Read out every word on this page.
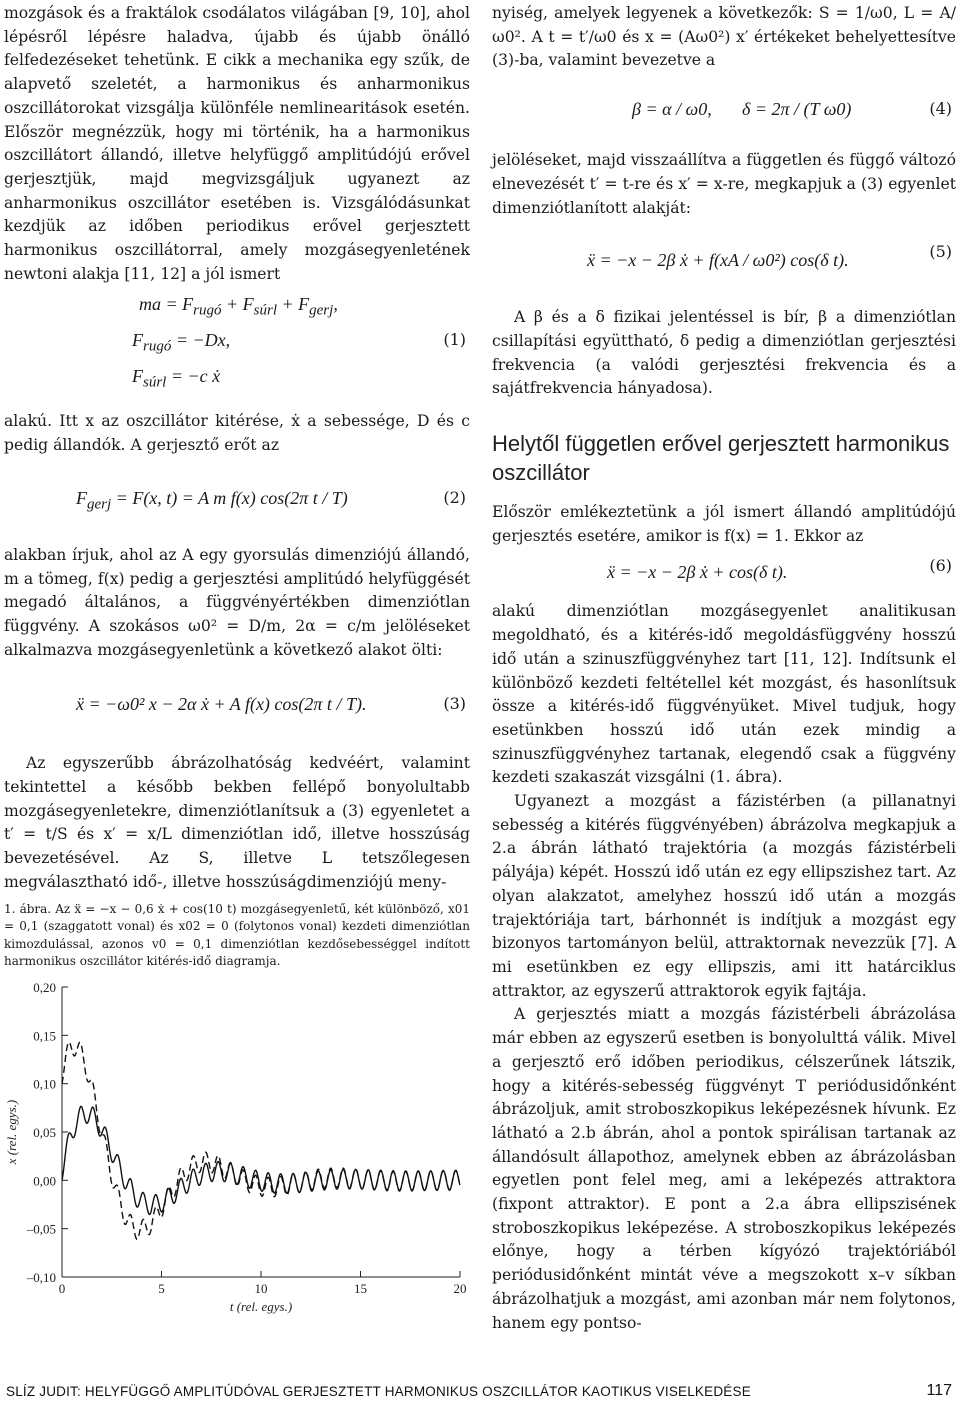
mozgások és a fraktálok csodálatos világában [9, 10], ahol lépésről lépésre haladva, újabb és újabb önálló felfedezéseket tehetünk. E cikk a mechanika egy szűk, de alapvető szeletét, a harmonikus és anharmonikus oszcillátorokat vizsgálja különféle nemlinearitások esetén. Először megnézzük, hogy mi történik, ha a harmonikus oszcillátort állandó, illetve helyfüggő amplitúdójú erővel gerjesztjük, majd megvizsgáljuk ugyanezt az anharmonikus oszcillátor esetében is. Vizsgálódásunkat kezdjük az időben periodikus erővel gerjesztett harmonikus oszcillátorral, amely mozgásegyenletének newtoni alakja [11, 12] a jól ismert

ma = $F_{rugó} + F_{súrl} + F_{gerj}$,
$F_{rugó} = -Dx$,
$F_{súrl} = -c$ ẋ
(1)

alakú. Itt x az oszcillátor kitérése, ẋ a sebessége, D és c pedig állandók. A gerjesztő erőt az

$F_{gerj} = F(x$, t) = A m f(x) cos(2π t / T)	(2)

alakban írjuk, ahol az A egy gyorsulás dimenziójú állandó, m a tömeg, f(x) pedig a gerjesztési amplitúdó helyfüggését megadó általános, a függvényértékben dimenziótlan függvény. A szokásos ω0² = D/m, 2α = c/m jelöléseket alkalmazva mozgásegyenletünk a következő alakot ölti:

ẍ = −ω0² x − 2α ẋ + A f(x) cos(2π t / T).	(3)

Az egyszerűbb ábrázolhatóság kedvéért, valamint tekintettel a később bekben fellépő bonyolultabb mozgásegyenletekre, dimenziótlanítsuk a (3) egyenletet a t′ = t/S és x′ = x/L dimenziótlan idő, illetve hosszúság bevezetésével. Az S, illetve L tetszőlegesen megválasztható idő-, illetve hosszúságdimenziójú meny-

1. ábra. Az ẍ = −x − 0,6 ẋ + cos(10 t) mozgásegyenletű, két különböző, x01 = 0,1 (szaggatott vonal) és x02 = 0 (folytonos vonal) kezdeti dimenziótlan kimozdulással, azonos v0 = 0,1 dimenziótlan kezdősebességgel indított harmonikus oszcillátor kitérés-idő diagramja.

0,20
0,15
0,10
0,05
0,00
–0,05
–0,10
0	5	10	15	20
t (rel. egys.)
x (rel. egys.)

nyiség, amelyek legyenek a következők: S = 1/ω0, L = A/ω0². A t = t′/ω0 és x = (Aω0²) x′ értékeket behelyettesítve (3)-ba, valamint bevezetve a

β = α / ω0, δ = 2π / (T ω0)	(4)

jelöléseket, majd visszaállítva a független és függő változó elnevezését t′ = t-re és x′ = x-re, megkapjuk a (3) egyenlet dimenziótlanított alakját:

ẍ = −x − 2β ẋ + f(xA / ω0²) cos(δ t).	(5)

A β és a δ fizikai jelentéssel is bír, β a dimenziótlan csillapítási együttható, δ pedig a dimenziótlan gerjesztési frekvencia (a valódi gerjesztési frekvencia és a sajátfrekvencia hányadosa).

Helytől független erővel gerjesztett harmonikus oszcillátor

Először emlékeztetünk a jól ismert állandó amplitúdójú gerjesztés esetére, amikor is f(x) = 1. Ekkor az

ẍ = −x − 2β ẋ + cos(δ t).	(6)

alakú dimenziótlan mozgásegyenlet analitikusan megoldható, és a kitérés-idő megoldásfüggvény hosszú idő után a szinuszfüggvényhez tart [11, 12]. Indítsunk el különböző kezdeti feltétellel két mozgást, és hasonlítsuk össze a kitérés-idő függvényüket. Mivel tudjuk, hogy esetünkben hosszú idő után ezek mindig a szinuszfüggvényhez tartanak, elegendő csak a függvény kezdeti szakaszát vizsgálni (1. ábra).

Ugyanezt a mozgást a fázistérben (a pillanatnyi sebesség a kitérés függvényében) ábrázolva megkapjuk a 2.a ábrán látható trajektória (a mozgás fázistérbeli pályája) képét. Hosszú idő után ez egy ellipszishez tart. Az olyan alakzatot, amelyhez hosszú idő után a mozgás trajektóriája tart, bárhonnét is indítjuk a mozgást egy bizonyos tartományon belül, attraktornak nevezzük [7]. A mi esetünkben ez egy ellipszis, ami itt határciklus attraktor, az egyszerű attraktorok egyik fajtája.

A gerjesztés miatt a mozgás fázistérbeli ábrázolása már ebben az egyszerű esetben is bonyolulttá válik. Mivel a gerjesztő erő időben periodikus, célszerűnek látszik, hogy a kitérés-sebesség függvényt T periódusidőnként ábrázoljuk, amit stroboszkopikus leképezésnek hívunk. Ez látható a 2.b ábrán, ahol a pontok spirálisan tartanak az állandósult állapothoz, amelynek ebben az ábrázolásban egyetlen pont felel meg, ami a leképezés attraktora (fixpont attraktor). E pont a 2.a ábra ellipszisének stroboszkopikus leképezése. A stroboszkopikus leképezés előnye, hogy a térben kígyózó trajektóriából periódusidőnként mintát véve a megszokott x–v síkban ábrázolhatjuk a mozgást, ami azonban már nem folytonos, hanem egy pontso-

SLÍZ JUDIT: HELYFÜGGŐ AMPLITÚDÓVAL GERJESZTETT HARMONIKUS OSZCILLÁTOR KAOTIKUS VISELKEDÉSE	117
